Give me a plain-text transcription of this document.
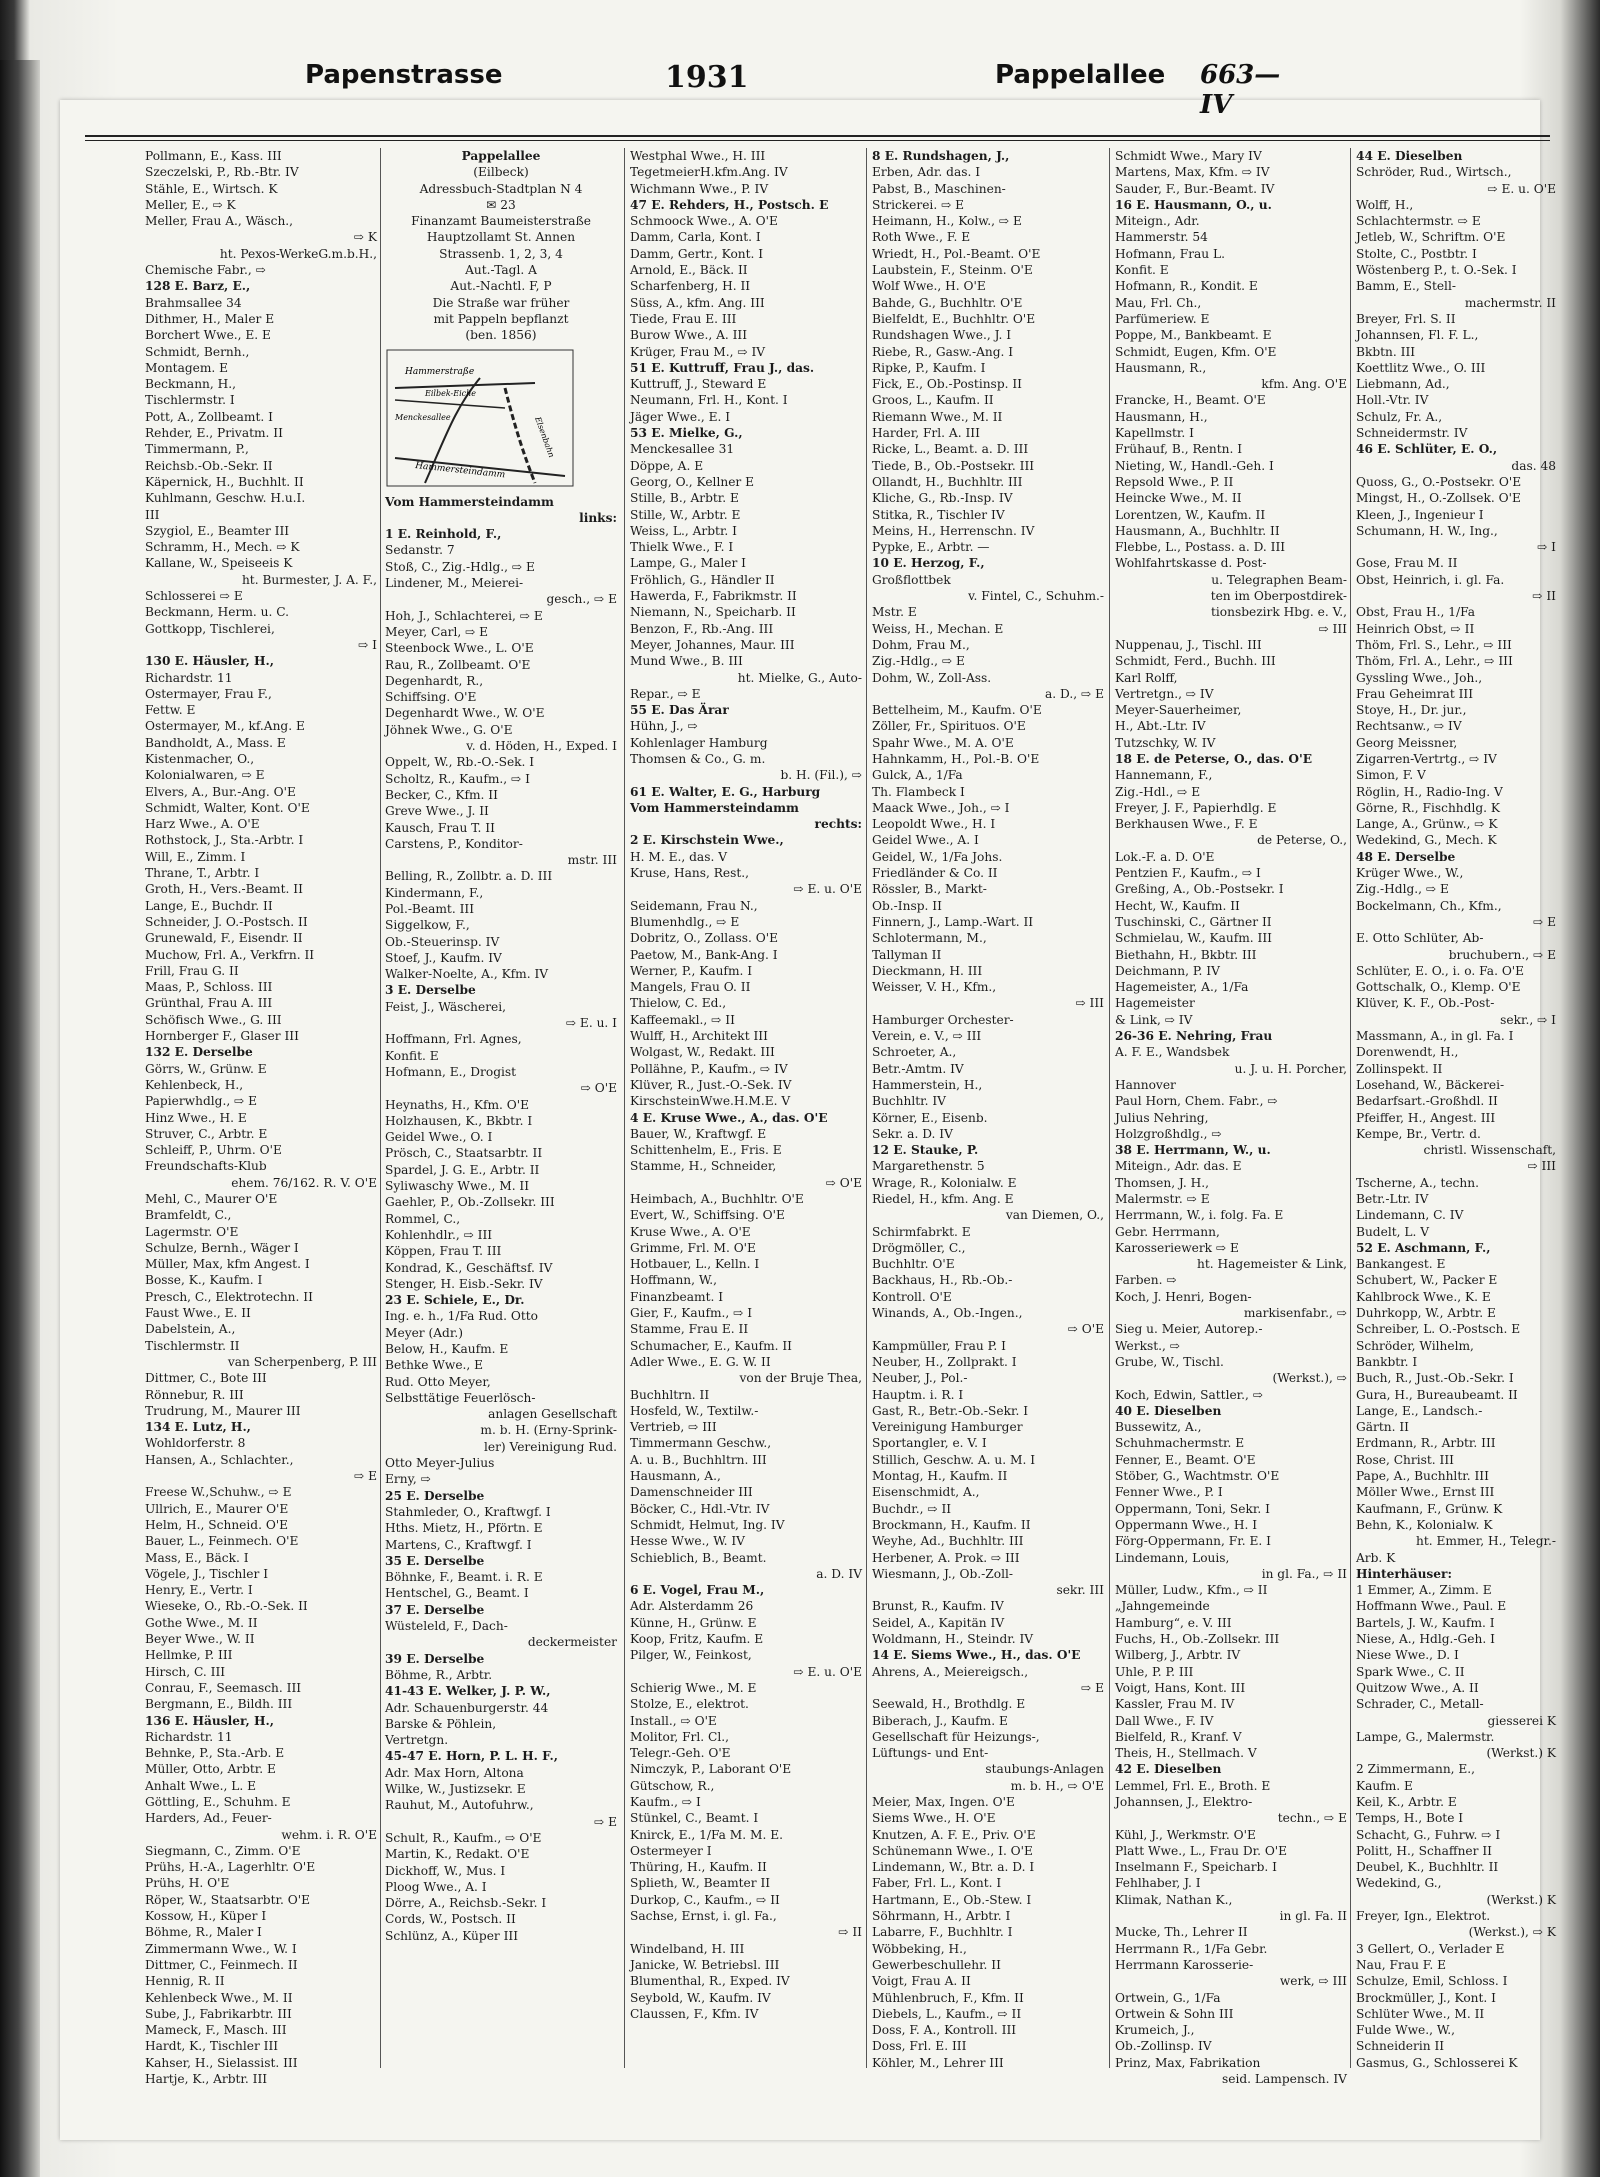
Papenstrasse	1931	Pappelallee 663—IV
Pollmann, E., Kass. III
Szeczelski, P., Rb.-Btr. IV
Stähle, E., Wirtsch. K
Meller, E., ⇨ K
Meller, Frau A., Wäsch.,
⇨ K
ht. Pexos-WerkeG.m.b.H.,
Chemische Fabr., ⇨
128 E. Barz, E.,
Brahmsallee 34
Dithmer, H., Maler E
Borchert Wwe., E. E
Schmidt, Bernh.,
Montagem. E
Beckmann, H.,
Tischlermstr. I
Pott, A., Zollbeamt. I
Rehder, E., Privatm. II
Timmermann, P.,
Reichsb.-Ob.-Sekr. II
Käpernick, H., Buchhlt. II
Kuhlmann, Geschw. H.u.I.
III
Szygiol, E., Beamter III
Schramm, H., Mech. ⇨ K
Kallane, W., Speiseeis K
ht. Burmester, J. A. F.,
Schlosserei ⇨ E
Beckmann, Herm. u. C.
Gottkopp, Tischlerei,
⇨ I
130 E. Häusler, H.,
Richardstr. 11
Ostermayer, Frau F.,
Fettw. E
Ostermayer, M., kf.Ang. E
Bandholdt, A., Mass. E
Kistenmacher, O.,
Kolonialwaren, ⇨ E
Elvers, A., Bur.-Ang. O'E
Schmidt, Walter, Kont. O'E
Harz Wwe., A. O'E
Rothstock, J., Sta.-Arbtr. I
Will, E., Zimm. I
Thrane, T., Arbtr. I
Groth, H., Vers.-Beamt. II
Lange, E., Buchdr. II
Schneider, J. O.-Postsch. II
Grunewald, F., Eisendr. II
Muchow, Frl. A., Verkfrn. II
Frill, Frau G. II
Maas, P., Schloss. III
Grünthal, Frau A. III
Schöfisch Wwe., G. III
Hornberger F., Glaser III
132 E. Derselbe
Görrs, W., Grünw. E
Kehlenbeck, H.,
Papierwhdlg., ⇨ E
Hinz Wwe., H. E
Struver, C., Arbtr. E
Schleiff, P., Uhrm. O'E
Freundschafts-Klub
ehem. 76/162. R. V. O'E
Mehl, C., Maurer O'E
Bramfeldt, C.,
Lagermstr. O'E
Schulze, Bernh., Wäger I
Müller, Max, kfm Angest. I
Bosse, K., Kaufm. I
Presch, C., Elektrotechn. II
Faust Wwe., E. II
Dabelstein, A.,
Tischlermstr. II
van Scherpenberg, P. III
Dittmer, C., Bote III
Rönnebur, R. III
Trudrung, M., Maurer III
134 E. Lutz, H.,
Wohldorferstr. 8
Hansen, A., Schlachter.,
⇨ E
Freese W.,Schuhw., ⇨ E
Ullrich, E., Maurer O'E
Helm, H., Schneid. O'E
Bauer, L., Feinmech. O'E
Mass, E., Bäck. I
Vögele, J., Tischler I
Henry, E., Vertr. I
Wieseke, O., Rb.-O.-Sek. II
Gothe Wwe., M. II
Beyer Wwe., W. II
Hellmke, P. III
Hirsch, C. III
Conrau, F., Seemasch. III
Bergmann, E., Bildh. III
136 E. Häusler, H.,
Richardstr. 11
Behnke, P., Sta.-Arb. E
Müller, Otto, Arbtr. E
Anhalt Wwe., L. E
Göttling, E., Schuhm. E
Harders, Ad., Feuer-
wehm. i. R. O'E
Siegmann, C., Zimm. O'E
Prühs, H.-A., Lagerhltr. O'E
Prühs, H. O'E
Röper, W., Staatsarbtr. O'E
Kossow, H., Küper I
Böhme, R., Maler I
Zimmermann Wwe., W. I
Dittmer, C., Feinmech. II
Hennig, R. II
Kehlenbeck Wwe., M. II
Sube, J., Fabrikarbtr. III
Mameck, F., Masch. III
Hardt, K., Tischler III
Kahser, H., Sielassist. III
Hartje, K., Arbtr. III
Pappelallee
(Eilbeck)
Adressbuch-Stadtplan N 4
✉ 23
Finanzamt Baumeisterstraße
Hauptzollamt St. Annen
Strassenb. 1, 2, 3, 4
Aut.-Tagl. A
Aut.-Nachtl. F, P
Die Straße war früher
mit Pappeln bepflanzt
(ben. 1856)
Hammerstraße
Eilbek-Eiche
Menckesallee	Elsenbahn
Hammersteindamm
Vom Hammersteindamm
links:
1 E. Reinhold, F.,
Sedanstr. 7
Stoß, C., Zig.-Hdlg., ⇨ E
Lindener, M., Meierei-
gesch., ⇨ E
Hoh, J., Schlachterei, ⇨ E
Meyer, Carl, ⇨ E
Steenbock Wwe., L. O'E
Rau, R., Zollbeamt. O'E
Degenhardt, R.,
Schiffsing. O'E
Degenhardt Wwe., W. O'E
Jöhnek Wwe., G. O'E
v. d. Höden, H., Exped. I
Oppelt, W., Rb.-O.-Sek. I
Scholtz, R., Kaufm., ⇨ I
Becker, C., Kfm. II
Greve Wwe., J. II
Kausch, Frau T. II
Carstens, P., Konditor-
mstr. III
Belling, R., Zollbtr. a. D. III
Kindermann, F.,
Pol.-Beamt. III
Siggelkow, F.,
Ob.-Steuerinsp. IV
Stoef, J., Kaufm. IV
Walker-Noelte, A., Kfm. IV
3 E. Derselbe
Feist, J., Wäscherei,
⇨ E. u. I
Hoffmann, Frl. Agnes,
Konfit. E
Hofmann, E., Drogist
⇨ O'E
Heynaths, H., Kfm. O'E
Holzhausen, K., Bkbtr. I
Geidel Wwe., O. I
Prösch, C., Staatsarbtr. II
Spardel, J. G. E., Arbtr. II
Syliwaschy Wwe., M. II
Gaehler, P., Ob.-Zollsekr. III
Rommel, C.,
Kohlenhdlr., ⇨ III
Köppen, Frau T. III
Kondrad, K., Geschäftsf. IV
Stenger, H. Eisb.-Sekr. IV
23 E. Schiele, E., Dr.
Ing. e. h., 1/Fa Rud. Otto
Meyer (Adr.)
Below, H., Kaufm. E
Bethke Wwe., E
Rud. Otto Meyer,
Selbsttätige Feuerlösch-
anlagen Gesellschaft
m. b. H. (Erny-Sprink-
ler) Vereinigung Rud.
Otto Meyer-Julius
Erny, ⇨
25 E. Derselbe
Stahmleder, O., Kraftwgf. I
Hths. Mietz, H., Pförtn. E
Martens, C., Kraftwgf. I
35 E. Derselbe
Böhnke, F., Beamt. i. R. E
Hentschel, G., Beamt. I
37 E. Derselbe
Wüsteleld, F., Dach-
deckermeister
39 E. Derselbe
Böhme, R., Arbtr.
41-43 E. Welker, J. P. W.,
Adr. Schauenburgerstr. 44
Barske & Pöhlein,
Vertretgn.
45-47 E. Horn, P. L. H. F.,
Adr. Max Horn, Altona
Wilke, W., Justizsekr. E
Rauhut, M., Autofuhrw.,
⇨ E
Schult, R., Kaufm., ⇨ O'E
Martin, K., Redakt. O'E
Dickhoff, W., Mus. I
Ploog Wwe., A. I
Dörre, A., Reichsb.-Sekr. I
Cords, W., Postsch. II
Schlünz, A., Küper III
Westphal Wwe., H. III
TegetmeierH.kfm.Ang. IV
Wichmann Wwe., P. IV
47 E. Rehders, H., Postsch. E
Schmoock Wwe., A. O'E
Damm, Carla, Kont. I
Damm, Gertr., Kont. I
Arnold, E., Bäck. II
Scharfenberg, H. II
Süss, A., kfm. Ang. III
Tiede, Frau E. III
Burow Wwe., A. III
Krüger, Frau M., ⇨ IV
51 E. Kuttruff, Frau J., das.
Kuttruff, J., Steward E
Neumann, Frl. H., Kont. I
Jäger Wwe., E. I
53 E. Mielke, G.,
Menckesallee 31
Döppe, A. E
Georg, O., Kellner E
Stille, B., Arbtr. E
Stille, W., Arbtr. E
Weiss, L., Arbtr. I
Thielk Wwe., F. I
Lampe, G., Maler I
Fröhlich, G., Händler II
Hawerda, F., Fabrikmstr. II
Niemann, N., Speicharb. II
Benzon, F., Rb.-Ang. III
Meyer, Johannes, Maur. III
Mund Wwe., B. III
ht. Mielke, G., Auto-
Repar., ⇨ E
55 E. Das Ärar
Hühn, J., ⇨
Kohlenlager Hamburg
Thomsen & Co., G. m.
b. H. (Fil.), ⇨
61 E. Walter, E. G., Harburg
Vom Hammersteindamm
rechts:
2 E. Kirschstein Wwe.,
H. M. E., das. V
Kruse, Hans, Rest.,
⇨ E. u. O'E
Seidemann, Frau N.,
Blumenhdlg., ⇨ E
Dobritz, O., Zollass. O'E
Paetow, M., Bank-Ang. I
Werner, P., Kaufm. I
Mangels, Frau O. II
Thielow, C. Ed.,
Kaffeemakl., ⇨ II
Wulff, H., Architekt III
Wolgast, W., Redakt. III
Pollähne, P., Kaufm., ⇨ IV
Klüver, R., Just.-O.-Sek. IV
KirschsteinWwe.H.M.E. V
4 E. Kruse Wwe., A., das. O'E
Bauer, W., Kraftwgf. E
Schittenhelm, E., Fris. E
Stamme, H., Schneider,
⇨ O'E
Heimbach, A., Buchhltr. O'E
Evert, W., Schiffsing. O'E
Kruse Wwe., A. O'E
Grimme, Frl. M. O'E
Hotbauer, L., Kelln. I
Hoffmann, W.,
Finanzbeamt. I
Gier, F., Kaufm., ⇨ I
Stamme, Frau E. II
Schumacher, E., Kaufm. II
Adler Wwe., E. G. W. II
von der Bruje Thea,
Buchhltrn. II
Hosfeld, W., Textilw.-
Vertrieb, ⇨ III
Timmermann Geschw.,
A. u. B., Buchhltrn. III
Hausmann, A.,
Damenschneider III
Böcker, C., Hdl.-Vtr. IV
Schmidt, Helmut, Ing. IV
Hesse Wwe., W. IV
Schieblich, B., Beamt.
a. D. IV
6 E. Vogel, Frau M.,
Adr. Alsterdamm 26
Künne, H., Grünw. E
Koop, Fritz, Kaufm. E
Pilger, W., Feinkost,
⇨ E. u. O'E
Schierig Wwe., M. E
Stolze, E., elektrot.
Install., ⇨ O'E
Molitor, Frl. Cl.,
Telegr.-Geh. O'E
Nimczyk, P., Laborant O'E
Gütschow, R.,
Kaufm., ⇨ I
Stünkel, C., Beamt. I
Knirck, E., 1/Fa M. M. E.
Ostermeyer I
Thüring, H., Kaufm. II
Splieth, W., Beamter II
Durkop, C., Kaufm., ⇨ II
Sachse, Ernst, i. gl. Fa.,
⇨ II
Windelband, H. III
Janicke, W. Betriebsl. III
Blumenthal, R., Exped. IV
Seybold, W., Kaufm. IV
Claussen, F., Kfm. IV
8 E. Rundshagen, J.,
Erben, Adr. das. I
Pabst, B., Maschinen-
Strickerei. ⇨ E
Heimann, H., Kolw., ⇨ E
Roth Wwe., F. E
Wriedt, H., Pol.-Beamt. O'E
Laubstein, F., Steinm. O'E
Wolf Wwe., H. O'E
Bahde, G., Buchhltr. O'E
Bielfeldt, E., Buchhltr. O'E
Rundshagen Wwe., J. I
Riebe, R., Gasw.-Ang. I
Ripke, P., Kaufm. I
Fick, E., Ob.-Postinsp. II
Groos, L., Kaufm. II
Riemann Wwe., M. II
Harder, Frl. A. III
Ricke, L., Beamt. a. D. III
Tiede, B., Ob.-Postsekr. III
Ollandt, H., Buchhltr. III
Kliche, G., Rb.-Insp. IV
Stitka, R., Tischler IV
Meins, H., Herrenschn. IV
Pypke, E., Arbtr. —
10 E. Herzog, F.,
Großflottbek
v. Fintel, C., Schuhm.-
Mstr. E
Weiss, H., Mechan. E
Dohm, Frau M.,
Zig.-Hdlg., ⇨ E
Dohm, W., Zoll-Ass.
a. D., ⇨ E
Bettelheim, M., Kaufm. O'E
Zöller, Fr., Spirituos. O'E
Spahr Wwe., M. A. O'E
Hahnkamm, H., Pol.-B. O'E
Gulck, A., 1/Fa
Th. Flambeck I
Maack Wwe., Joh., ⇨ I
Leopoldt Wwe., H. I
Geidel Wwe., A. I
Geidel, W., 1/Fa Johs.
Friedländer & Co. II
Rössler, B., Markt-
Ob.-Insp. II
Finnern, J., Lamp.-Wart. II
Schlotermann, M.,
Tallyman II
Dieckmann, H. III
Weisser, V. H., Kfm.,
⇨ III
Hamburger Orchester-
Verein, e. V., ⇨ III
Schroeter, A.,
Betr.-Amtm. IV
Hammerstein, H.,
Buchhltr. IV
Körner, E., Eisenb.
Sekr. a. D. IV
12 E. Stauke, P.
Margarethenstr. 5
Wrage, R., Kolonialw. E
Riedel, H., kfm. Ang. E
van Diemen, O.,
Schirmfabrkt. E
Drögmöller, C.,
Buchhltr. O'E
Backhaus, H., Rb.-Ob.-
Kontroll. O'E
Winands, A., Ob.-Ingen.,
⇨ O'E
Kampmüller, Frau P. I
Neuber, H., Zollprakt. I
Neuber, J., Pol.-
Hauptm. i. R. I
Gast, R., Betr.-Ob.-Sekr. I
Vereinigung Hamburger
Sportangler, e. V. I
Stillich, Geschw. A. u. M. I
Montag, H., Kaufm. II
Eisenschmidt, A.,
Buchdr., ⇨ II
Brockmann, H., Kaufm. II
Weyhe, Ad., Buchhltr. III
Herbener, A. Prok. ⇨ III
Wiesmann, J., Ob.-Zoll-
sekr. III
Brunst, R., Kaufm. IV
Seidel, A., Kapitän IV
Woldmann, H., Steindr. IV
14 E. Siems Wwe., H., das. O'E
Ahrens, A., Meiereigsch.,
⇨ E
Seewald, H., Brothdlg. E
Biberach, J., Kaufm. E
Gesellschaft für Heizungs-,
Lüftungs- und Ent-
staubungs-Anlagen
m. b. H., ⇨ O'E
Meier, Max, Ingen. O'E
Siems Wwe., H. O'E
Knutzen, A. F. E., Priv. O'E
Schünemann Wwe., I. O'E
Lindemann, W., Btr. a. D. I
Faber, Frl. L., Kont. I
Hartmann, E., Ob.-Stew. I
Söhrmann, H., Arbtr. I
Labarre, F., Buchhltr. I
Wöbbeking, H.,
Gewerbeschullehr. II
Voigt, Frau A. II
Mühlenbruch, F., Kfm. II
Diebels, L., Kaufm., ⇨ II
Doss, F. A., Kontroll. III
Doss, Frl. E. III
Köhler, M., Lehrer III
Schmidt Wwe., Mary IV
Martens, Max, Kfm. ⇨ IV
Sauder, F., Bur.-Beamt. IV
16 E. Hausmann, O., u.
Miteign., Adr.
Hammerstr. 54
Hofmann, Frau L.
Konfit. E
Hofmann, R., Kondit. E
Mau, Frl. Ch.,
Parfümeriew. E
Poppe, M., Bankbeamt. E
Schmidt, Eugen, Kfm. O'E
Hausmann, R.,
kfm. Ang. O'E
Francke, H., Beamt. O'E
Hausmann, H.,
Kapellmstr. I
Frühauf, B., Rentn. I
Nieting, W., Handl.-Geh. I
Repsold Wwe., P. II
Heincke Wwe., M. II
Lorentzen, W., Kaufm. II
Hausmann, A., Buchhltr. II
Flebbe, L., Postass. a. D. III
Wohlfahrtskasse d. Post-
u. Telegraphen Beam-
ten im Oberpostdirek-
tionsbezirk Hbg. e. V.,
⇨ III
Nuppenau, J., Tischl. III
Schmidt, Ferd., Buchh. III
Karl Rolff,
Vertretgn., ⇨ IV
Meyer-Sauerheimer,
H., Abt.-Ltr. IV
Tutzschky, W. IV
18 E. de Peterse, O., das. O'E
Hannemann, F.,
Zig.-Hdl., ⇨ E
Freyer, J. F., Papierhdlg. E
Berkhausen Wwe., F. E
de Peterse, O.,
Lok.-F. a. D. O'E
Pentzien F., Kaufm., ⇨ I
Greßing, A., Ob.-Postsekr. I
Hecht, W., Kaufm. II
Tuschinski, C., Gärtner II
Schmielau, W., Kaufm. III
Biethahn, H., Bkbtr. III
Deichmann, P. IV
Hagemeister, A., 1/Fa
Hagemeister
& Link, ⇨ IV
26-36 E. Nehring, Frau
A. F. E., Wandsbek
u. J. u. H. Porcher,
Hannover
Paul Horn, Chem. Fabr., ⇨
Julius Nehring,
Holzgroßhdlg., ⇨
38 E. Herrmann, W., u.
Miteign., Adr. das. E
Thomsen, J. H.,
Malermstr. ⇨ E
Herrmann, W., i. folg. Fa. E
Gebr. Herrmann,
Karosseriewerk ⇨ E
ht. Hagemeister & Link,
Farben. ⇨
Koch, J. Henri, Bogen-
markisenfabr., ⇨
Sieg u. Meier, Autorep.-
Werkst., ⇨
Grube, W., Tischl.
(Werkst.), ⇨
Koch, Edwin, Sattler., ⇨
40 E. Dieselben
Bussewitz, A.,
Schuhmachermstr. E
Fenner, E., Beamt. O'E
Stöber, G., Wachtmstr. O'E
Fenner Wwe., P. I
Oppermann, Toni, Sekr. I
Oppermann Wwe., H. I
Förg-Oppermann, Fr. E. I
Lindemann, Louis,
in gl. Fa., ⇨ II
Müller, Ludw., Kfm., ⇨ II
„Jahngemeinde
Hamburg“, e. V. III
Fuchs, H., Ob.-Zollsekr. III
Wilberg, J., Arbtr. IV
Uhle, P. P. III
Voigt, Hans, Kont. III
Kassler, Frau M. IV
Dall Wwe., F. IV
Bielfeld, R., Kranf. V
Theis, H., Stellmach. V
42 E. Dieselben
Lemmel, Frl. E., Broth. E
Johannsen, J., Elektro-
techn., ⇨ E
Kühl, J., Werkmstr. O'E
Platt Wwe., L., Frau Dr. O'E
Inselmann F., Speicharb. I
Fehlhaber, J. I
Klimak, Nathan K.,
in gl. Fa. II
Mucke, Th., Lehrer II
Herrmann R., 1/Fa Gebr.
Herrmann Karosserie-
werk, ⇨ III
Ortwein, G., 1/Fa
Ortwein & Sohn III
Krumeich, J.,
Ob.-Zollinsp. IV
Prinz, Max, Fabrikation
seid. Lampensch. IV
44 E. Dieselben
Schröder, Rud., Wirtsch.,
⇨ E. u. O'E
Wolff, H.,
Schlachtermstr. ⇨ E
Jetleb, W., Schriftm. O'E
Stolte, C., Postbtr. I
Wöstenberg P., t. O.-Sek. I
Bamm, E., Stell-
machermstr. II
Breyer, Frl. S. II
Johannsen, Fl. F. L.,
Bkbtn. III
Koettlitz Wwe., O. III
Liebmann, Ad.,
Holl.-Vtr. IV
Schulz, Fr. A.,
Schneidermstr. IV
46 E. Schlüter, E. O.,
das. 48
Quoss, G., O.-Postsekr. O'E
Mingst, H., O.-Zollsek. O'E
Kleen, J., Ingenieur I
Schumann, H. W., Ing.,
⇨ I
Gose, Frau M. II
Obst, Heinrich, i. gl. Fa.
⇨ II
Obst, Frau H., 1/Fa
Heinrich Obst, ⇨ II
Thöm, Frl. S., Lehr., ⇨ III
Thöm, Frl. A., Lehr., ⇨ III
Gyssling Wwe., Joh.,
Frau Geheimrat III
Stoye, H., Dr. jur.,
Rechtsanw., ⇨ IV
Georg Meissner,
Zigarren-Vertrtg., ⇨ IV
Simon, F. V
Röglin, H., Radio-Ing. V
Görne, R., Fischhdlg. K
Lange, A., Grünw., ⇨ K
Wedekind, G., Mech. K
48 E. Derselbe
Krüger Wwe., W.,
Zig.-Hdlg., ⇨ E
Bockelmann, Ch., Kfm.,
⇨ E
E. Otto Schlüter, Ab-
bruchubern., ⇨ E
Schlüter, E. O., i. o. Fa. O'E
Gottschalk, O., Klemp. O'E
Klüver, K. F., Ob.-Post-
sekr., ⇨ I
Massmann, A., in gl. Fa. I
Dorenwendt, H.,
Zollinspekt. II
Losehand, W., Bäckerei-
Bedarfsart.-Großhdl. II
Pfeiffer, H., Angest. III
Kempe, Br., Vertr. d.
christl. Wissenschaft,
⇨ III
Tscherne, A., techn.
Betr.-Ltr. IV
Lindemann, C. IV
Budelt, L. V
52 E. Aschmann, F.,
Bankangest. E
Schubert, W., Packer E
Kahlbrock Wwe., K. E
Duhrkopp, W., Arbtr. E
Schreiber, L. O.-Postsch. E
Schröder, Wilhelm,
Bankbtr. I
Buch, R., Just.-Ob.-Sekr. I
Gura, H., Bureaubeamt. II
Lange, E., Landsch.-
Gärtn. II
Erdmann, R., Arbtr. III
Rose, Christ. III
Pape, A., Buchhltr. III
Möller Wwe., Ernst III
Kaufmann, F., Grünw. K
Behn, K., Kolonialw. K
ht. Emmer, H., Telegr.-
Arb. K
Hinterhäuser:
1 Emmer, A., Zimm. E
Hoffmann Wwe., Paul. E
Bartels, J. W., Kaufm. I
Niese, A., Hdlg.-Geh. I
Niese Wwe., D. I
Spark Wwe., C. II
Quitzow Wwe., A. II
Schrader, C., Metall-
giesserei K
Lampe, G., Malermstr.
(Werkst.) K
2 Zimmermann, E.,
Kaufm. E
Keil, K., Arbtr. E
Temps, H., Bote I
Schacht, G., Fuhrw. ⇨ I
Politt, H., Schaffner II
Deubel, K., Buchhltr. II
Wedekind, G.,
(Werkst.) K
Freyer, Ign., Elektrot.
(Werkst.), ⇨ K
3 Gellert, O., Verlader E
Nau, Frau F. E
Schulze, Emil, Schloss. I
Brockmüller, J., Kont. I
Schlüter Wwe., M. II
Fulde Wwe., W.,
Schneiderin II
Gasmus, G., Schlosserei K
